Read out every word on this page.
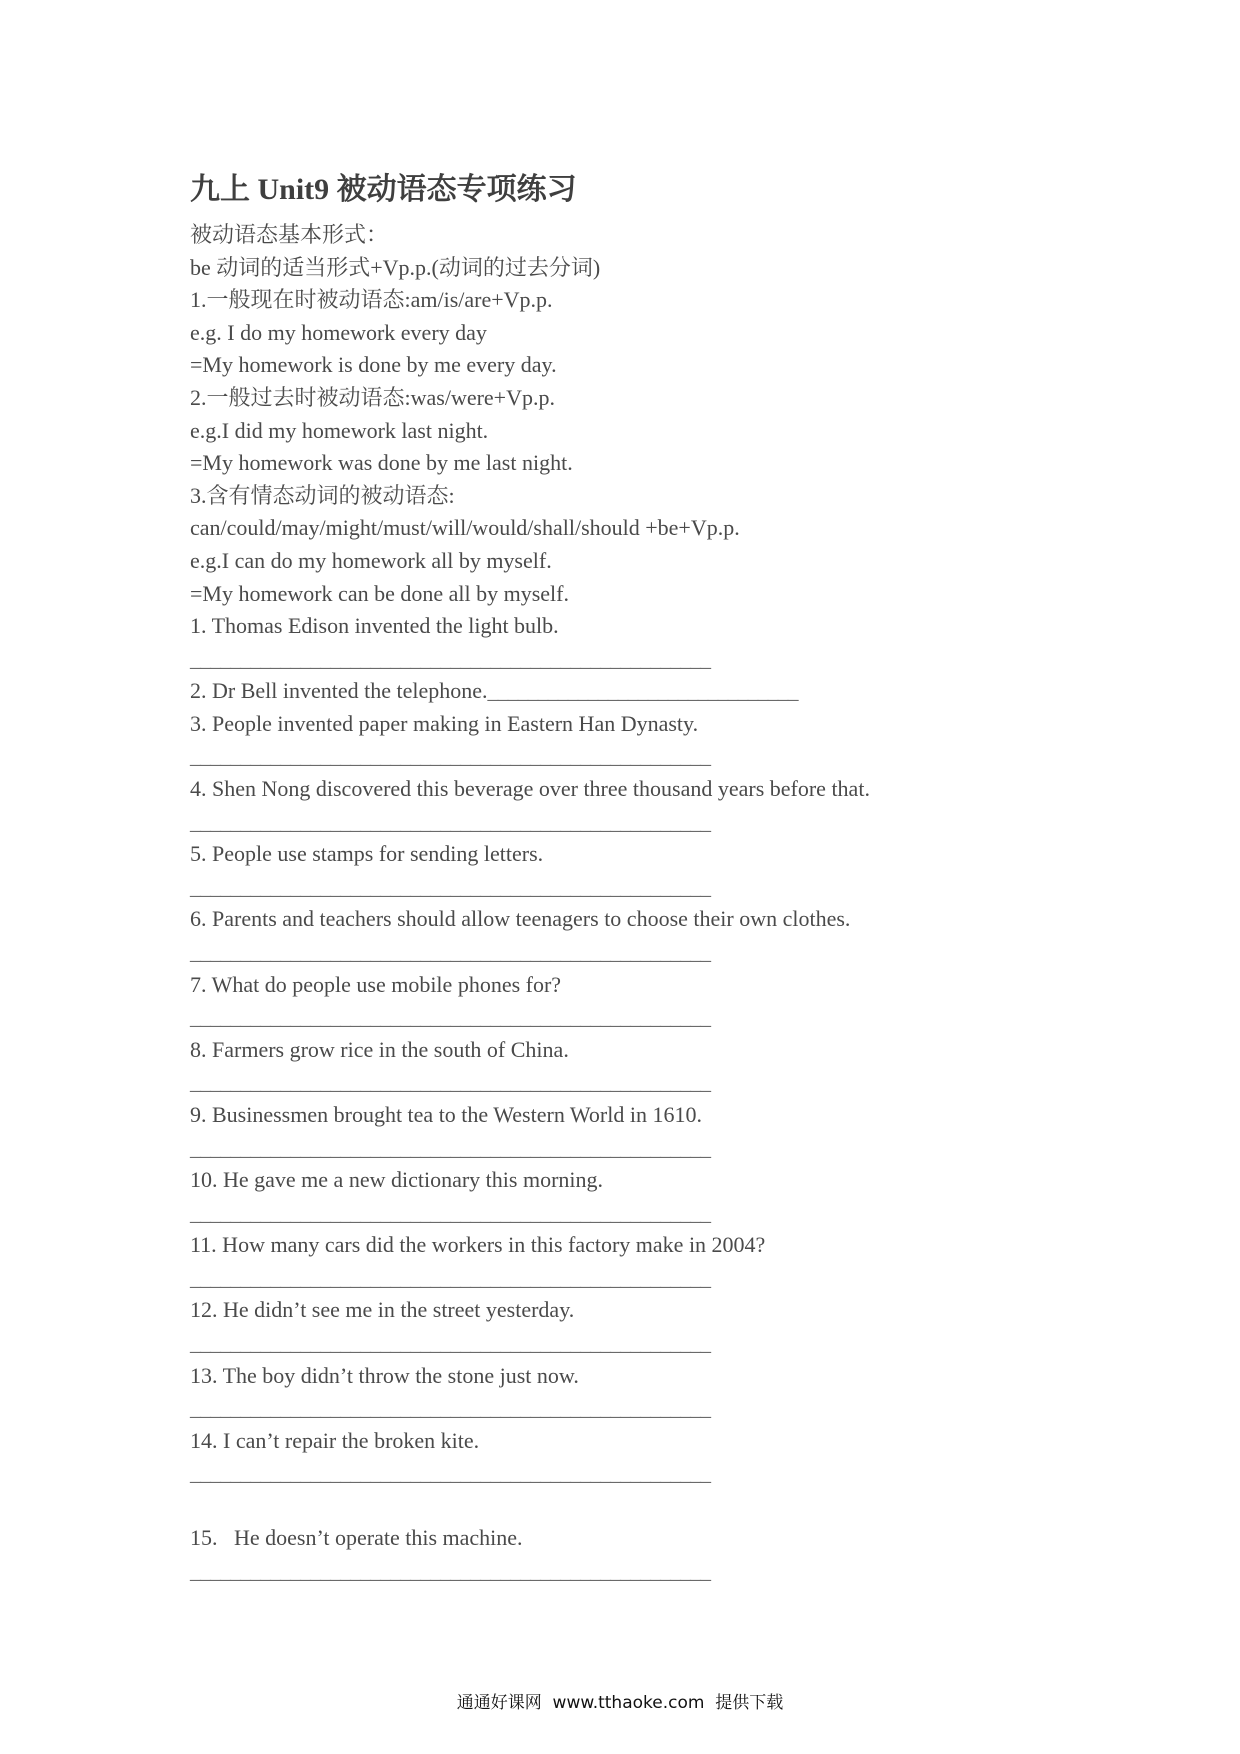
九上 Unit9 被动语态专项练习
被动语态基本形式：
be 动词的适当形式+Vp.p.(动词的过去分词)
1.一般现在时被动语态:am/is/are+Vp.p.
e.g. I do my homework every day
=My homework is done by me every day.
2.一般过去时被动语态:was/were+Vp.p.
e.g.I did my homework last night.
=My homework was done by me last night.
3.含有情态动词的被动语态:
can/could/may/might/must/will/would/shall/should +be+Vp.p.
e.g.I can do my homework all by myself.
=My homework can be done all by myself.
1. Thomas Edison invented the light bulb.
____________________________________________________
2. Dr Bell invented the telephone._______________________________
3. People invented paper making in Eastern Han Dynasty.
____________________________________________________
4. Shen Nong discovered this beverage over three thousand years before that.
____________________________________________________
5. People use stamps for sending letters.
____________________________________________________
6. Parents and teachers should allow teenagers to choose their own clothes.
____________________________________________________
7. What do people use mobile phones for?
____________________________________________________
8. Farmers grow rice in the south of China.
____________________________________________________
9. Businessmen brought tea to the Western World in 1610.
____________________________________________________
10. He gave me a new dictionary this morning.
____________________________________________________
11. How many cars did the workers in this factory make in 2004?
____________________________________________________
12. He didn’t see me in the street yesterday.
____________________________________________________
13. The boy didn’t throw the stone just now.
____________________________________________________
14. I can’t repair the broken kite.
____________________________________________________
15.   He doesn’t operate this machine.
____________________________________________________
通通好课网  www.tthaoke.com  提供下载
